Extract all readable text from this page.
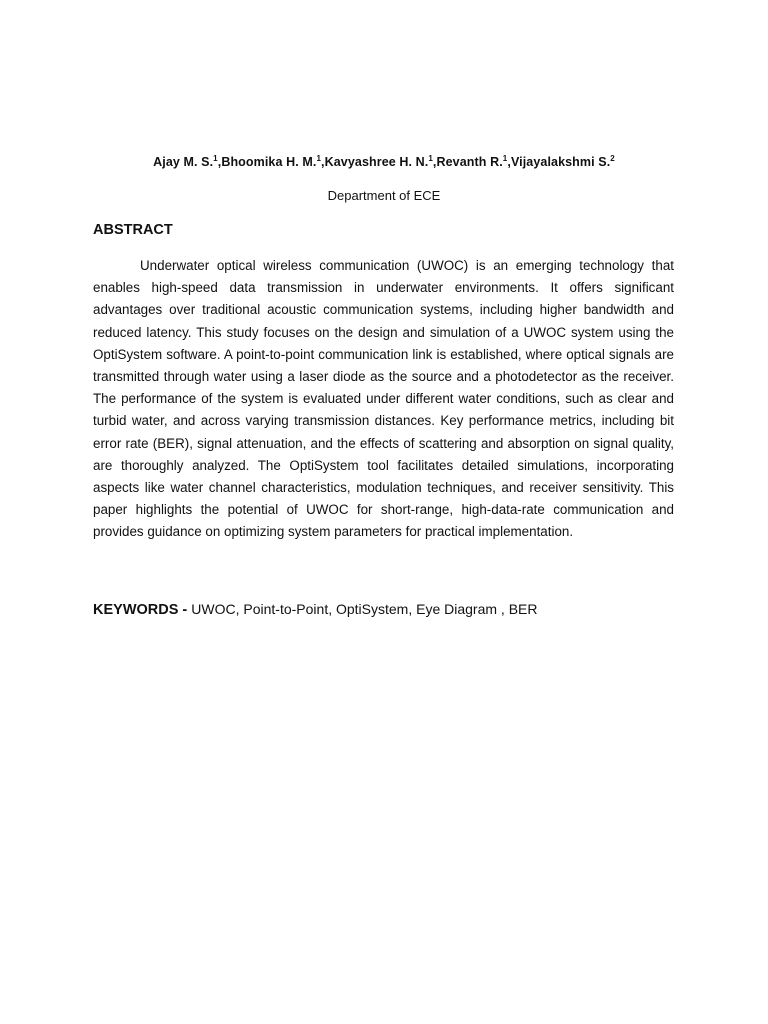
Ajay M. S.$^1$,Bhoomika H. M.$^1$,Kavyashree H. N.$^1$,Revanth R.$^1$,Vijayalakshmi S.$^2$
Department of ECE
ABSTRACT

Underwater optical wireless communication (UWOC) is an emerging technology that enables high-speed data transmission in underwater environments. It offers significant advantages over traditional acoustic communication systems, including higher bandwidth and reduced latency. This study focuses on the design and simulation of a UWOC system using the OptiSystem software. A point-to-point communication link is established, where optical signals are transmitted through water using a laser diode as the source and a photodetector as the receiver. The performance of the system is evaluated under different water conditions, such as clear and turbid water, and across varying transmission distances. Key performance metrics, including bit error rate (BER), signal attenuation, and the effects of scattering and absorption on signal quality, are thoroughly analyzed. The OptiSystem tool facilitates detailed simulations, incorporating aspects like water channel characteristics, modulation techniques, and receiver sensitivity. This paper highlights the potential of UWOC for short-range, high-data-rate communication and provides guidance on optimizing system parameters for practical implementation.

KEYWORDS - UWOC, Point-to-Point, OptiSystem, Eye Diagram , BER
